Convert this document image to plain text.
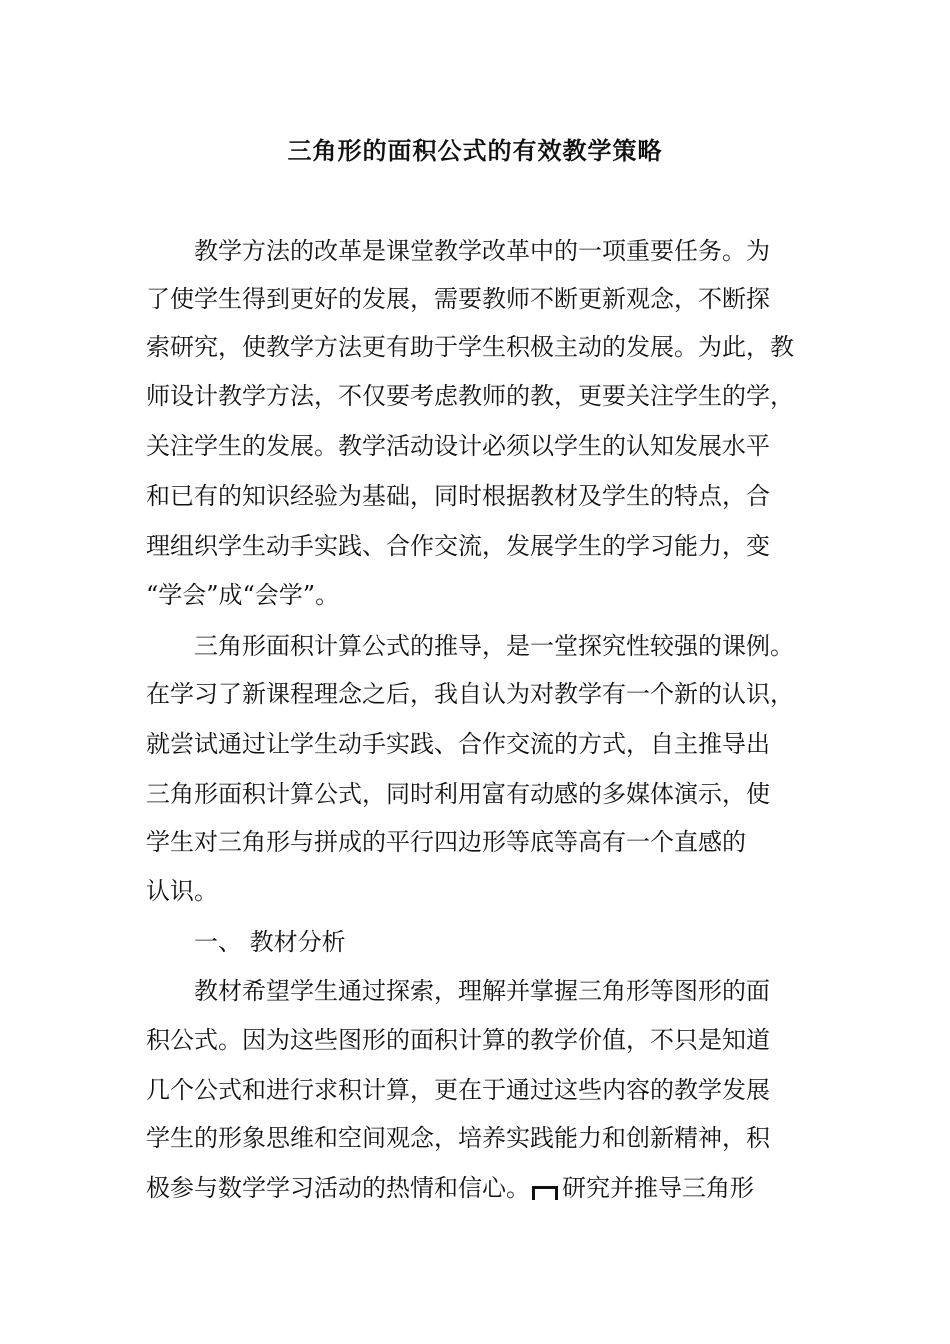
三角形的面积公式的有效教学策略

教学方法的改革是课堂教学改革中的一项重要任务。为

了使学生得到更好的发展，需要教师不断更新观念，不断探

索研究，使教学方法更有助于学生积极主动的发展。为此，教

师设计教学方法，不仅要考虑教师的教，更要关注学生的学，

关注学生的发展。教学活动设计必须以学生的认知发展水平

和已有的知识经验为基础，同时根据教材及学生的特点，合

理组织学生动手实践、合作交流，发展学生的学习能力，变

“学会”成“会学”。

三角形面积计算公式的推导，是一堂探究性较强的课例。

在学习了新课程理念之后，我自认为对教学有一个新的认识，

就尝试通过让学生动手实践、合作交流的方式，自主推导出

三角形面积计算公式，同时利用富有动感的多媒体演示，使

学生对三角形与拼成的平行四边形等底等高有一个直感的

认识。

一、 教材分析

教材希望学生通过探索，理解并掌握三角形等图形的面

积公式。因为这些图形的面积计算的教学价值，不只是知道

几个公式和进行求积计算，更在于通过这些内容的教学发展

学生的形象思维和空间观念，培养实践能力和创新精神，积

极参与数学学习活动的热情和信心。 研究并推导三角形
